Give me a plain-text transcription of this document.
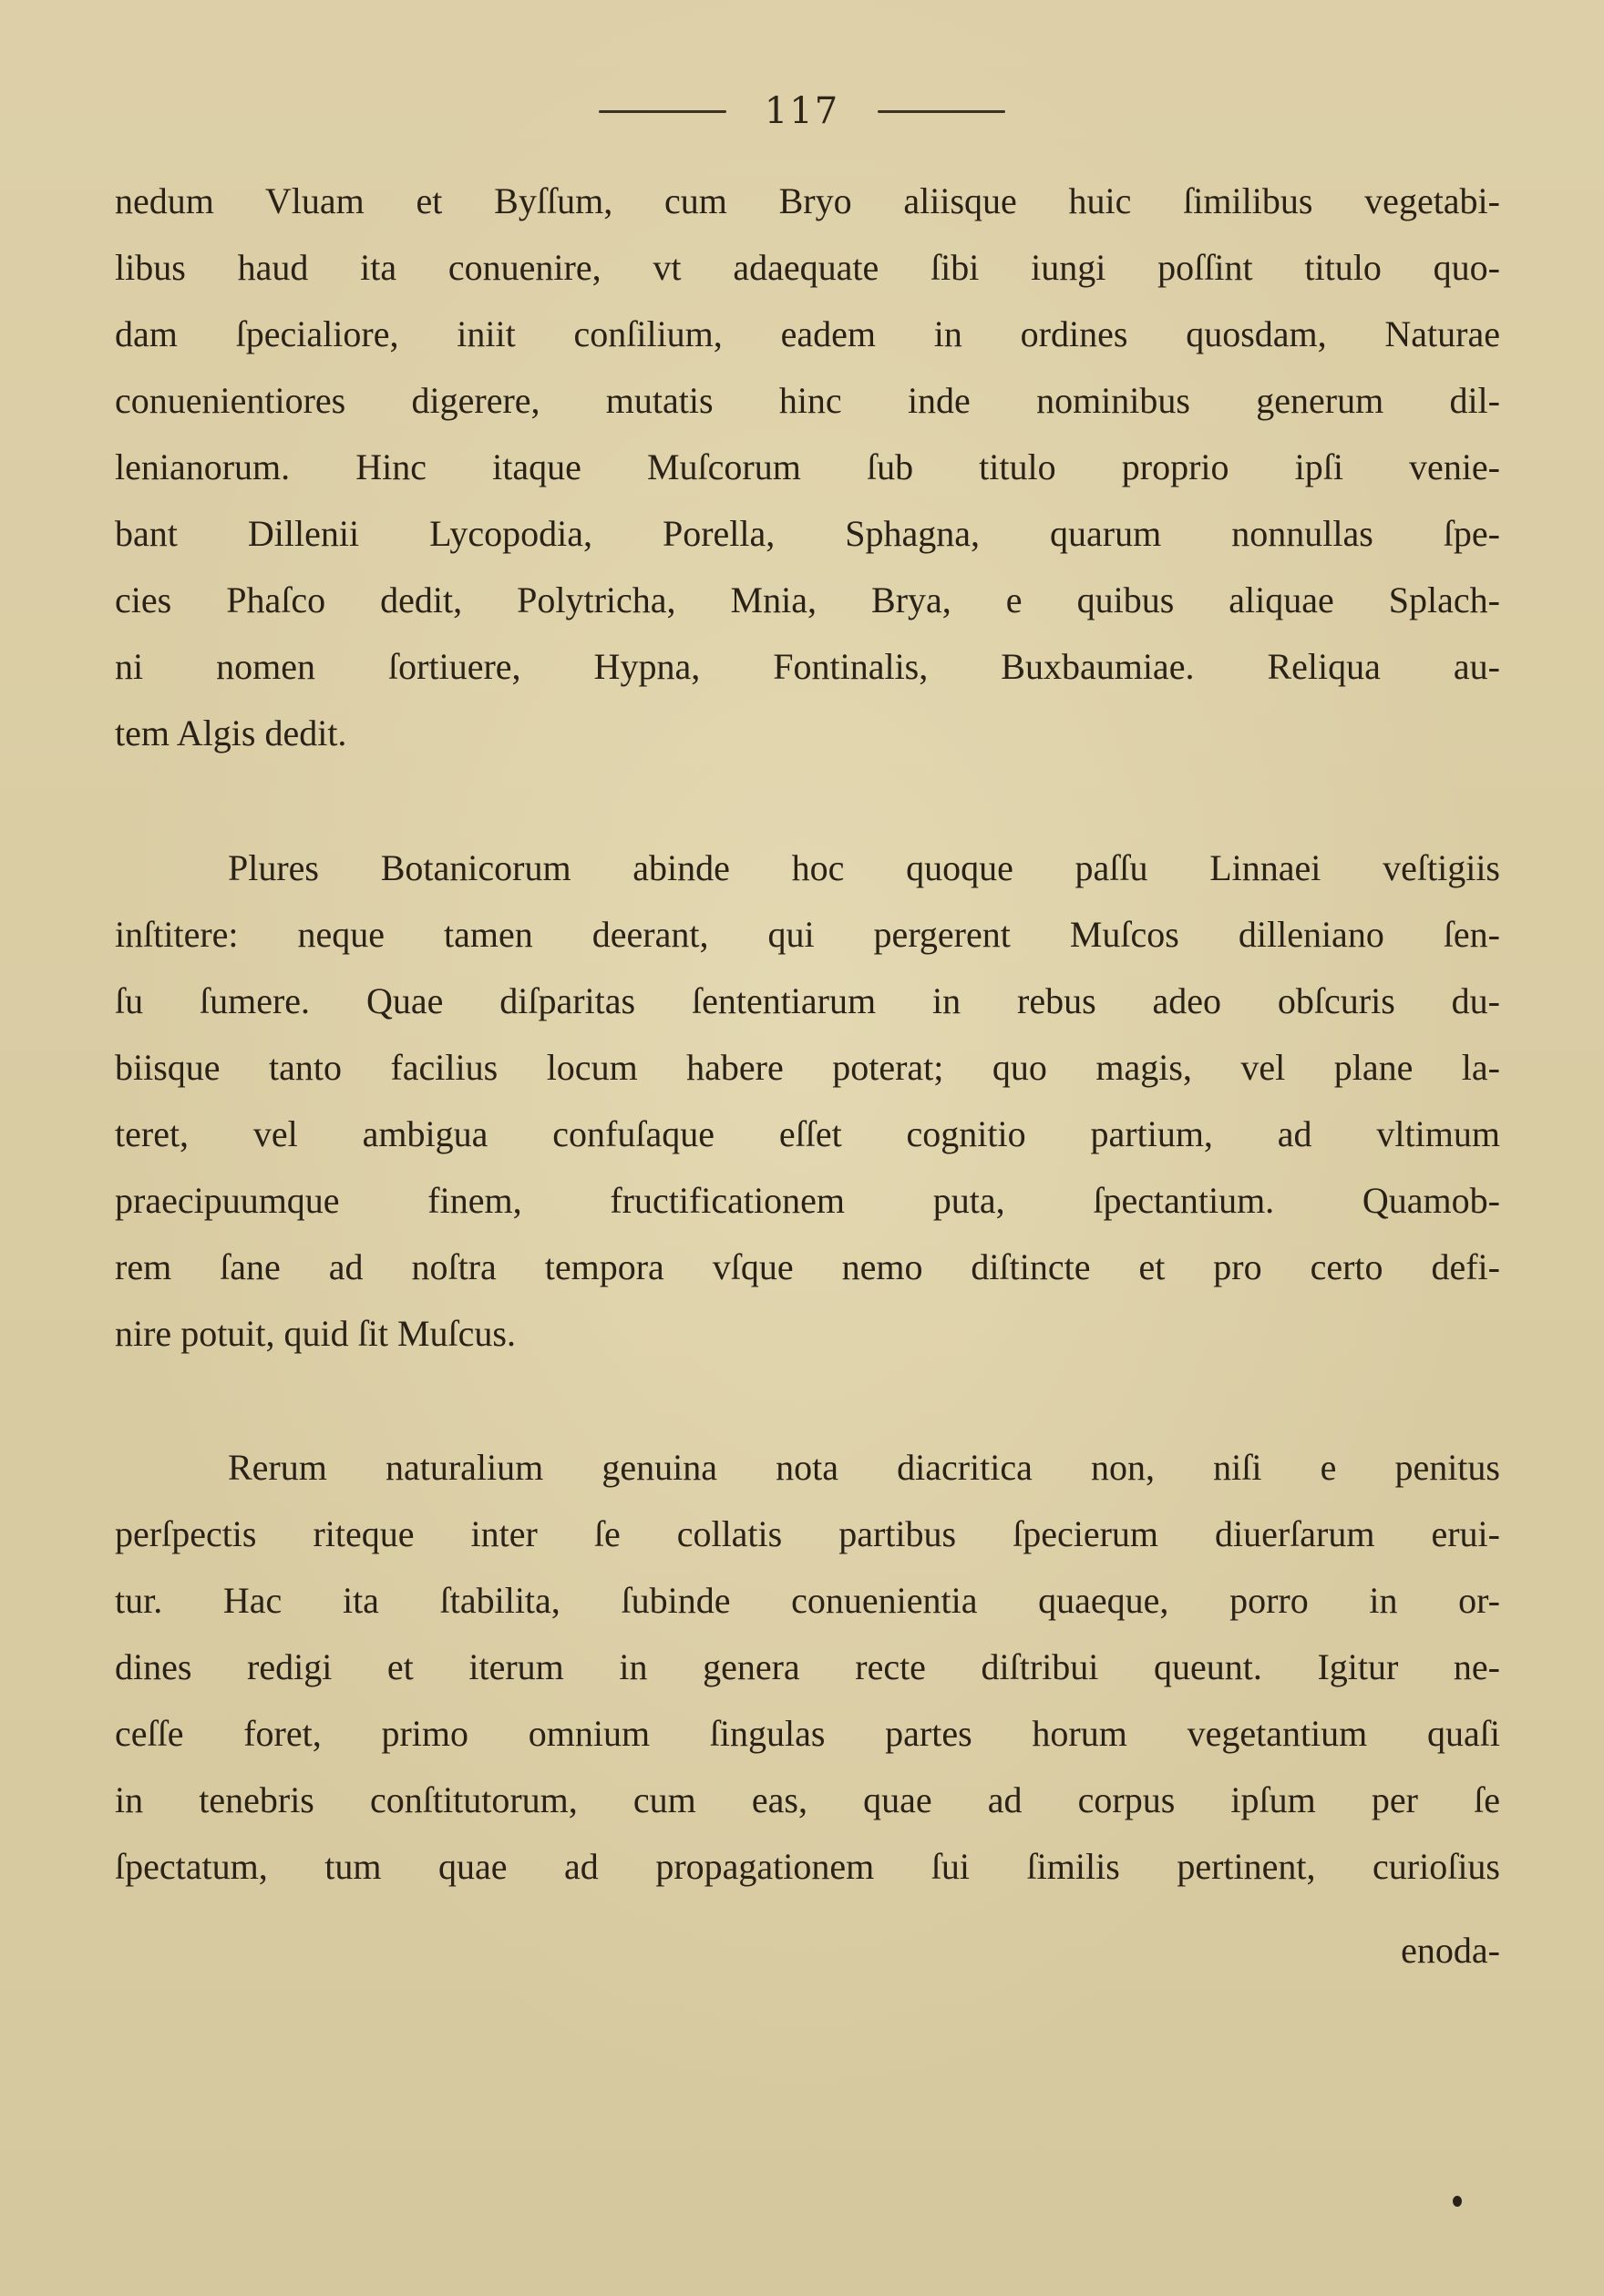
117
nedum Vluam et Byſſum, cum Bryo aliisque huic ſimilibus vegetabi-
libus haud ita conuenire, vt adaequate ſibi iungi poſſint titulo quo-
dam ſpecialiore, iniit conſilium, eadem in ordines quosdam, Naturae
conuenientiores digerere, mutatis hinc inde nominibus generum dil-
lenianorum. Hinc itaque Muſcorum ſub titulo proprio ipſi venie-
bant Dillenii Lycopodia, Porella, Sphagna, quarum nonnullas ſpe-
cies Phaſco dedit, Polytricha, Mnia, Brya, e quibus aliquae Splach-
ni nomen ſortiuere, Hypna, Fontinalis, Buxbaumiae. Reliqua au-
tem Algis dedit.
Plures Botanicorum abinde hoc quoque paſſu Linnaei veſtigiis
inſtitere: neque tamen deerant, qui pergerent Muſcos dilleniano ſen-
ſu ſumere. Quae diſparitas ſententiarum in rebus adeo obſcuris du-
biisque tanto facilius locum habere poterat; quo magis, vel plane la-
teret, vel ambigua confuſaque eſſet cognitio partium, ad vltimum
praecipuumque finem, fructificationem puta, ſpectantium. Quamob-
rem ſane ad noſtra tempora vſque nemo diſtincte et pro certo defi-
nire potuit, quid ſit Muſcus.
Rerum naturalium genuina nota diacritica non, niſi e penitus
perſpectis riteque inter ſe collatis partibus ſpecierum diuerſarum erui-
tur. Hac ita ſtabilita, ſubinde conuenientia quaeque, porro in or-
dines redigi et iterum in genera recte diſtribui queunt. Igitur ne-
ceſſe foret, primo omnium ſingulas partes horum vegetantium quaſi
in tenebris conſtitutorum, cum eas, quae ad corpus ipſum per ſe
ſpectatum, tum quae ad propagationem ſui ſimilis pertinent, curioſius
enoda-
